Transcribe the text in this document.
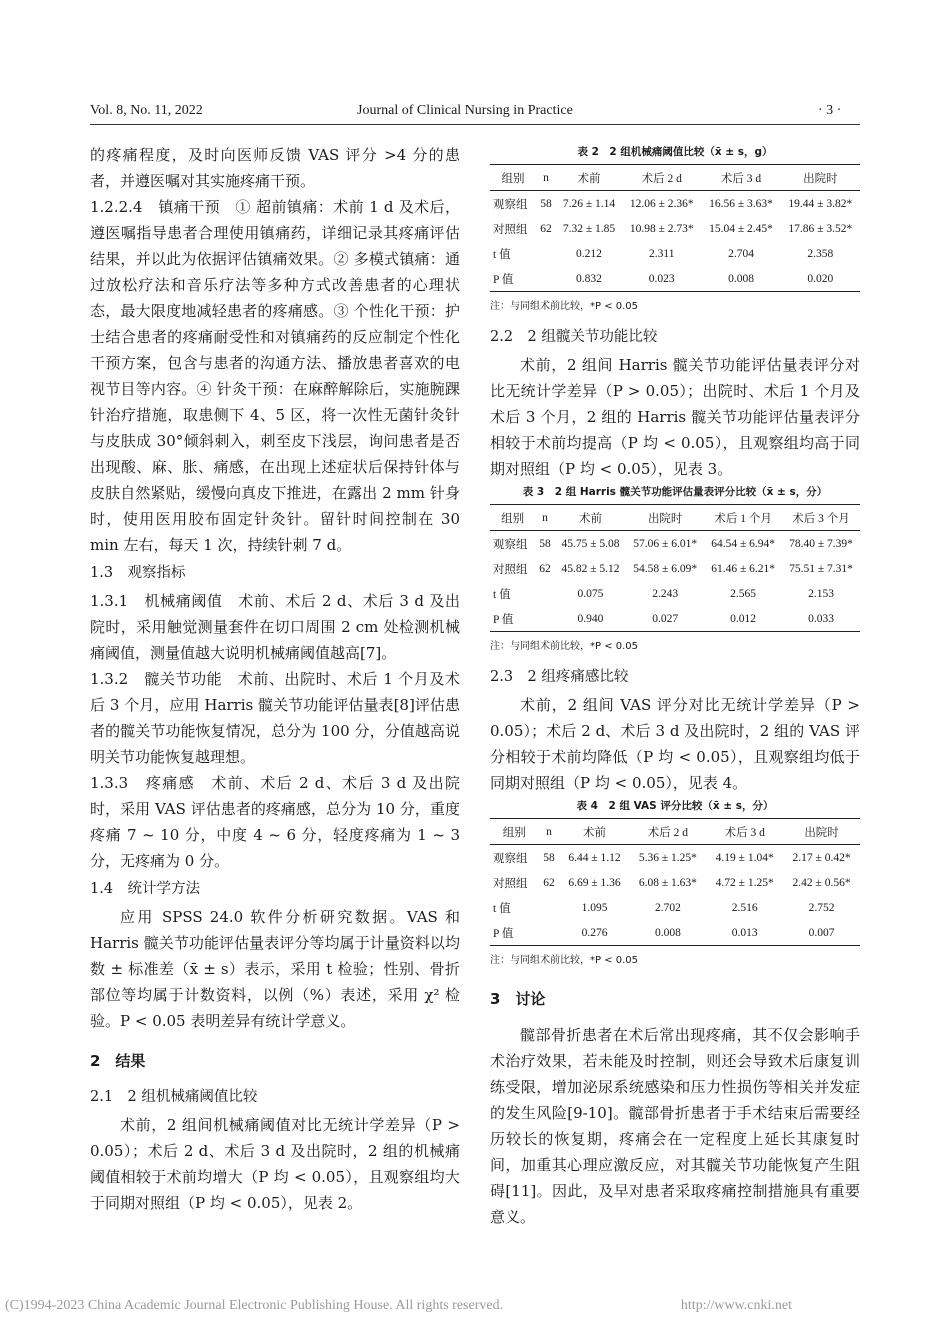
Vol. 8, No. 11, 2022	Journal of Clinical Nursing in Practice	· 3 ·

的疼痛程度，及时向医师反馈 VAS 评分 >4 分的患者，并遵医嘱对其实施疼痛干预。

1.2.2.4　镇痛干预　① 超前镇痛：术前 1 d 及术后，遵医嘱指导患者合理使用镇痛药，详细记录其疼痛评估结果，并以此为依据评估镇痛效果。② 多模式镇痛：通过放松疗法和音乐疗法等多种方式改善患者的心理状态，最大限度地减轻患者的疼痛感。③ 个性化干预：护士结合患者的疼痛耐受性和对镇痛药的反应制定个性化干预方案，包含与患者的沟通方法、播放患者喜欢的电视节目等内容。④ 针灸干预：在麻醉解除后，实施腕踝针治疗措施，取患侧下 4、5 区，将一次性无菌针灸针与皮肤成 30°倾斜刺入，刺至皮下浅层，询问患者是否出现酸、麻、胀、痛感，在出现上述症状后保持针体与皮肤自然紧贴，缓慢向真皮下推进，在露出 2 mm 针身时，使用医用胶布固定针灸针。留针时间控制在 30 min 左右，每天 1 次，持续针刺 7 d。

1.3　观察指标

1.3.1　机械痛阈值　术前、术后 2 d、术后 3 d 及出院时，采用触觉测量套件在切口周围 2 cm 处检测机械痛阈值，测量值越大说明机械痛阈值越高[7]。

1.3.2　髋关节功能　术前、出院时、术后 1 个月及术后 3 个月，应用 Harris 髋关节功能评估量表[8]评估患者的髋关节功能恢复情况，总分为 100 分，分值越高说明关节功能恢复越理想。

1.3.3　疼痛感　术前、术后 2 d、术后 3 d 及出院时，采用 VAS 评估患者的疼痛感，总分为 10 分，重度疼痛 7 ~ 10 分，中度 4 ~ 6 分，轻度疼痛为 1 ~ 3 分，无疼痛为 0 分。

1.4　统计学方法

应用 SPSS 24.0 软件分析研究数据。VAS 和 Harris 髋关节功能评估量表评分等均属于计量资料以均数 ± 标准差（x̄ ± s）表示，采用 t 检验；性别、骨折部位等均属于计数资料，以例（%）表述，采用 χ² 检验。P < 0.05 表明差异有统计学意义。

2　结果
2.1　2 组机械痛阈值比较

术前，2 组间机械痛阈值对比无统计学差异（P > 0.05）；术后 2 d、术后 3 d 及出院时，2 组的机械痛阈值相较于术前均增大（P 均 < 0.05），且观察组均大于同期对照组（P 均 < 0.05），见表 2。

表 2　2 组机械痛阈值比较（x̄ ± s，g）
组别	n	术前	术后 2 d	术后 3 d	出院时
观察组	58	7.26 ± 1.14	12.06 ± 2.36*	16.56 ± 3.63*	19.44 ± 3.82*
对照组	62	7.32 ± 1.85	10.98 ± 2.73*	15.04 ± 2.45*	17.86 ± 3.52*
t 值		0.212	2.311	2.704	2.358
P 值		0.832	0.023	0.008	0.020
注：与同组术前比较，*P < 0.05
2.2　2 组髋关节功能比较

术前，2 组间 Harris 髋关节功能评估量表评分对比无统计学差异（P > 0.05）；出院时、术后 1 个月及术后 3 个月，2 组的 Harris 髋关节功能评估量表评分相较于术前均提高（P 均 < 0.05），且观察组均高于同期对照组（P 均 < 0.05），见表 3。

表 3　2 组 Harris 髋关节功能评估量表评分比较（x̄ ± s，分）
组别	n	术前	出院时	术后 1 个月	术后 3 个月
观察组	58	45.75 ± 5.08	57.06 ± 6.01*	64.54 ± 6.94*	78.40 ± 7.39*
对照组	62	45.82 ± 5.12	54.58 ± 6.09*	61.46 ± 6.21*	75.51 ± 7.31*
t 值		0.075	2.243	2.565	2.153
P 值		0.940	0.027	0.012	0.033
注：与同组术前比较，*P < 0.05
2.3　2 组疼痛感比较

术前，2 组间 VAS 评分对比无统计学差异（P > 0.05）；术后 2 d、术后 3 d 及出院时，2 组的 VAS 评分相较于术前均降低（P 均 < 0.05），且观察组均低于同期对照组（P 均 < 0.05），见表 4。

表 4　2 组 VAS 评分比较（x̄ ± s，分）
组别	n	术前	术后 2 d	术后 3 d	出院时
观察组	58	6.44 ± 1.12	5.36 ± 1.25*	4.19 ± 1.04*	2.17 ± 0.42*
对照组	62	6.69 ± 1.36	6.08 ± 1.63*	4.72 ± 1.25*	2.42 ± 0.56*
t 值		1.095	2.702	2.516	2.752
P 值		0.276	0.008	0.013	0.007
注：与同组术前比较，*P < 0.05
3　讨论

髋部骨折患者在术后常出现疼痛，其不仅会影响手术治疗效果，若未能及时控制，则还会导致术后康复训练受限，增加泌尿系统感染和压力性损伤等相关并发症的发生风险[9-10]。髋部骨折患者于手术结束后需要经历较长的恢复期，疼痛会在一定程度上延长其康复时间，加重其心理应激反应，对其髋关节功能恢复产生阻碍[11]。因此，及早对患者采取疼痛控制措施具有重要意义。

(C)1994-2023 China Academic Journal Electronic Publishing House. All rights reserved.	http://www.cnki.net
